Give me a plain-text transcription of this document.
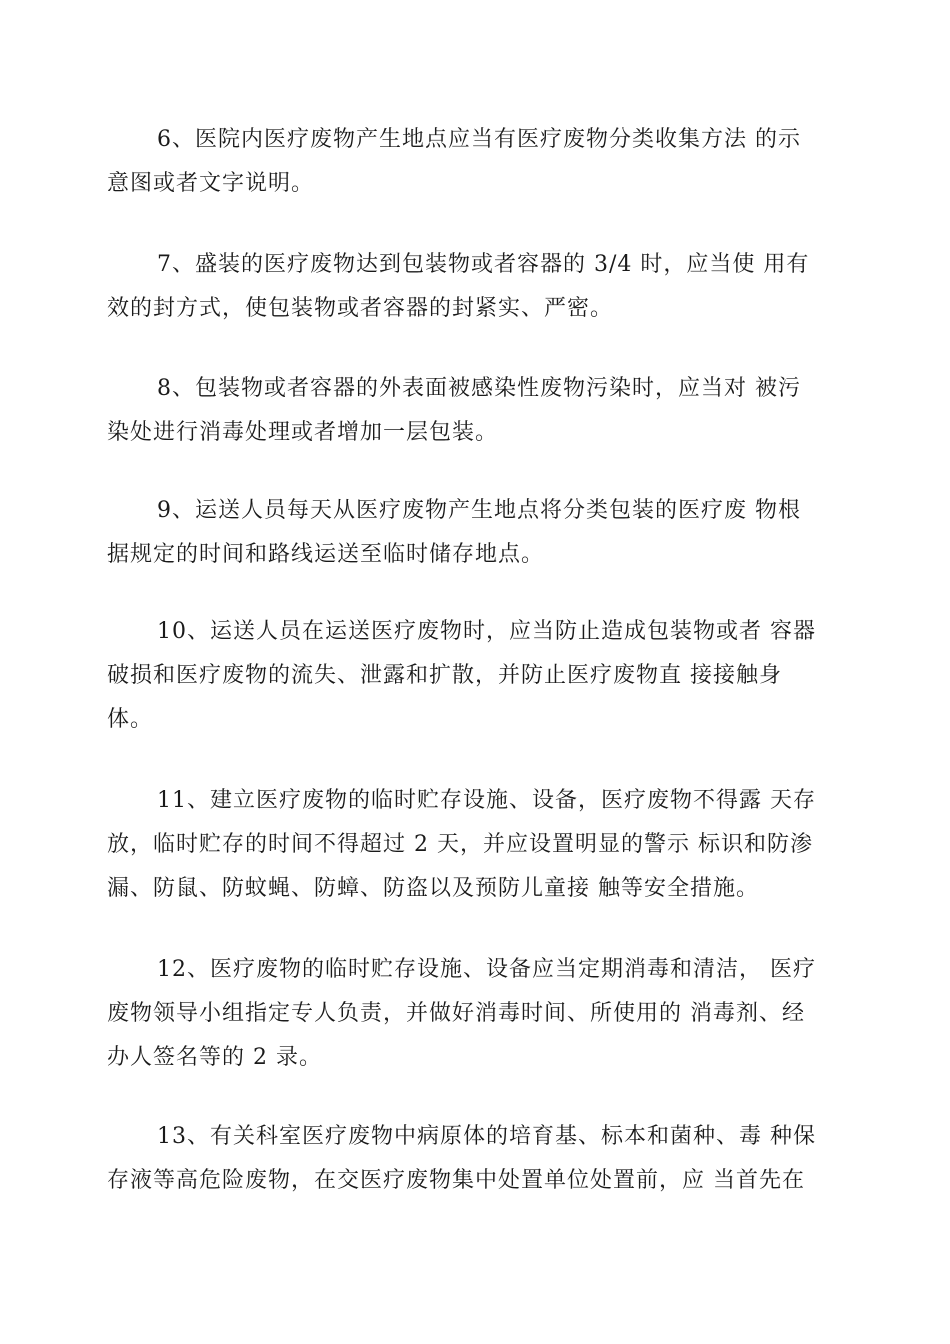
6、医院内医疗废物产生地点应当有医疗废物分类收集方法 的示
意图或者文字说明。

7、盛装的医疗废物达到包装物或者容器的 3/4 时，应当使 用有
效的封方式，使包装物或者容器的封紧实、严密。

8、包装物或者容器的外表面被感染性废物污染时，应当对 被污
染处进行消毒处理或者增加一层包装。

9、运送人员每天从医疗废物产生地点将分类包装的医疗废 物根
据规定的时间和路线运送至临时储存地点。

10、运送人员在运送医疗废物时，应当防止造成包装物或者 容器
破损和医疗废物的流失、泄露和扩散，并防止医疗废物直 接接触身
体。

11、建立医疗废物的临时贮存设施、设备，医疗废物不得露 天存
放，临时贮存的时间不得超过 2 天，并应设置明显的警示 标识和防渗
漏、防鼠、防蚊蝇、防蟑、防盗以及预防儿童接 触等安全措施。

12、医疗废物的临时贮存设施、设备应当定期消毒和清洁， 医疗
废物领导小组指定专人负责，并做好消毒时间、所使用的 消毒剂、经
办人签名等的 2 录。

13、有关科室医疗废物中病原体的培育基、标本和菌种、毒 种保
存液等高危险废物，在交医疗废物集中处置单位处置前，应 当首先在
